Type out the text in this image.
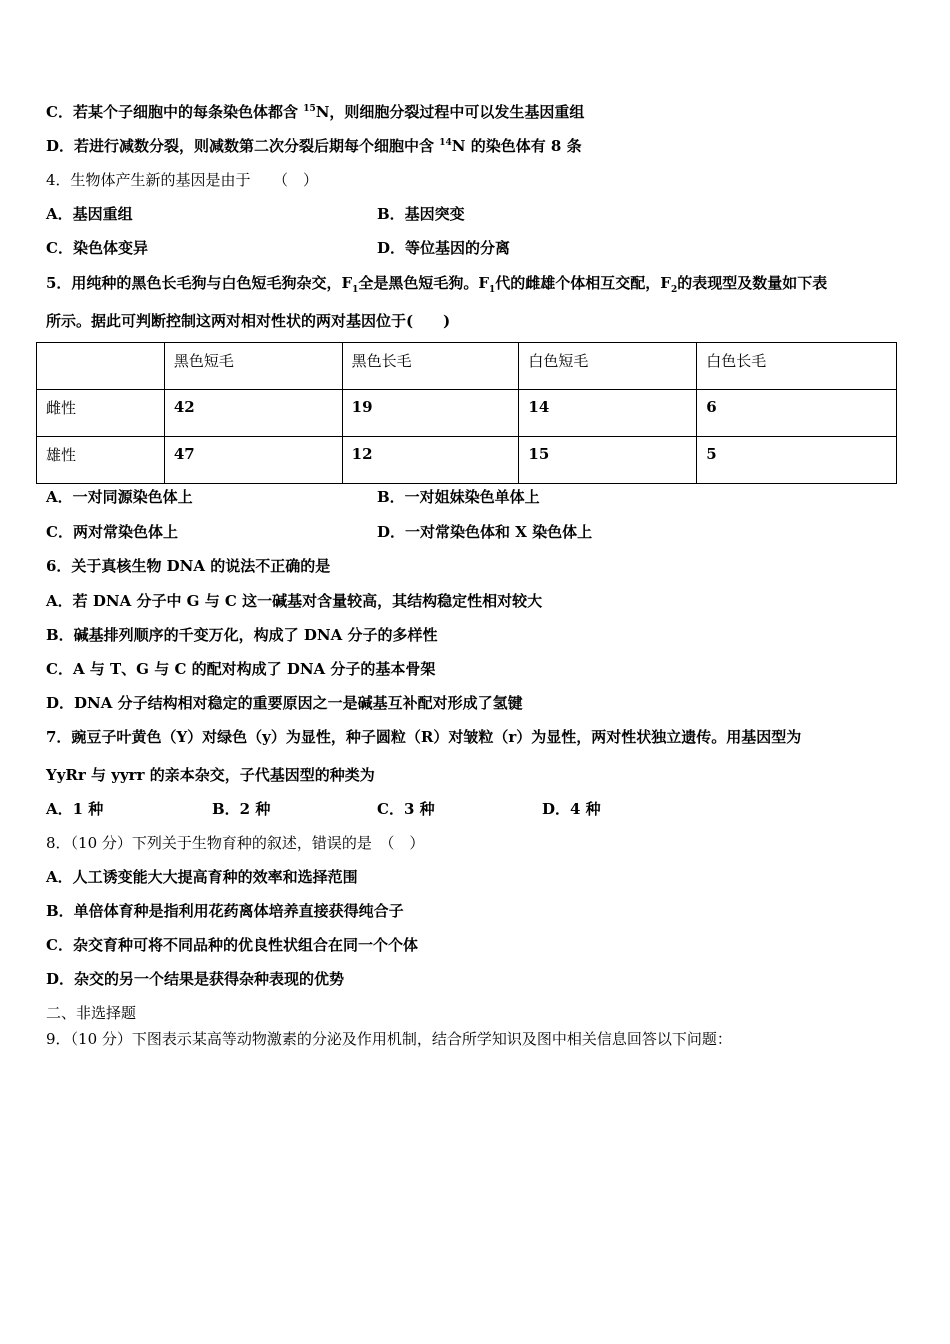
C．若某个子细胞中的每条染色体都含 $^{15}$N，则细胞分裂过程中可以发生基因重组
D．若进行减数分裂，则减数第二次分裂后期每个细胞中含 $^{14}$N 的染色体有 8 条
4．生物体产生新的基因是由于　　（　）
A．基因重组	B．基因突变
C．染色体变异	D．等位基因的分离
5．用纯种的黑色长毛狗与白色短毛狗杂交，$F_1$全是黑色短毛狗。$F_1$代的雌雄个体相互交配，$F_2$的表现型及数量如下表
所示。据此可判断控制这两对相对性状的两对基因位于(　　)
	黑色短毛	黑色长毛	白色短毛	白色长毛
雌性	42	19	14	6
雄性	47	12	15	5
A．一对同源染色体上	B．一对姐妹染色单体上
C．两对常染色体上	D．一对常染色体和 X 染色体上
6．关于真核生物 DNA 的说法不正确的是
A．若 DNA 分子中 G 与 C 这一碱基对含量较高，其结构稳定性相对较大
B．碱基排列顺序的千变万化，构成了 DNA 分子的多样性
C．A 与 T、G 与 C 的配对构成了 DNA 分子的基本骨架
D．DNA 分子结构相对稳定的重要原因之一是碱基互补配对形成了氢键
7．豌豆子叶黄色（Y）对绿色（y）为显性，种子圆粒（R）对皱粒（r）为显性，两对性状独立遗传。用基因型为
YyRr 与 yyrr 的亲本杂交，子代基因型的种类为
A．1 种	B．2 种	C．3 种	D．4 种
8．（10 分）下列关于生物育种的叙述，错误的是　（　）
A．人工诱变能大大提高育种的效率和选择范围
B．单倍体育种是指利用花药离体培养直接获得纯合子
C．杂交育种可将不同品种的优良性状组合在同一个个体
D．杂交的另一个结果是获得杂种表现的优势
二、非选择题
9．（10 分）下图表示某高等动物激素的分泌及作用机制，结合所学知识及图中相关信息回答以下问题：
